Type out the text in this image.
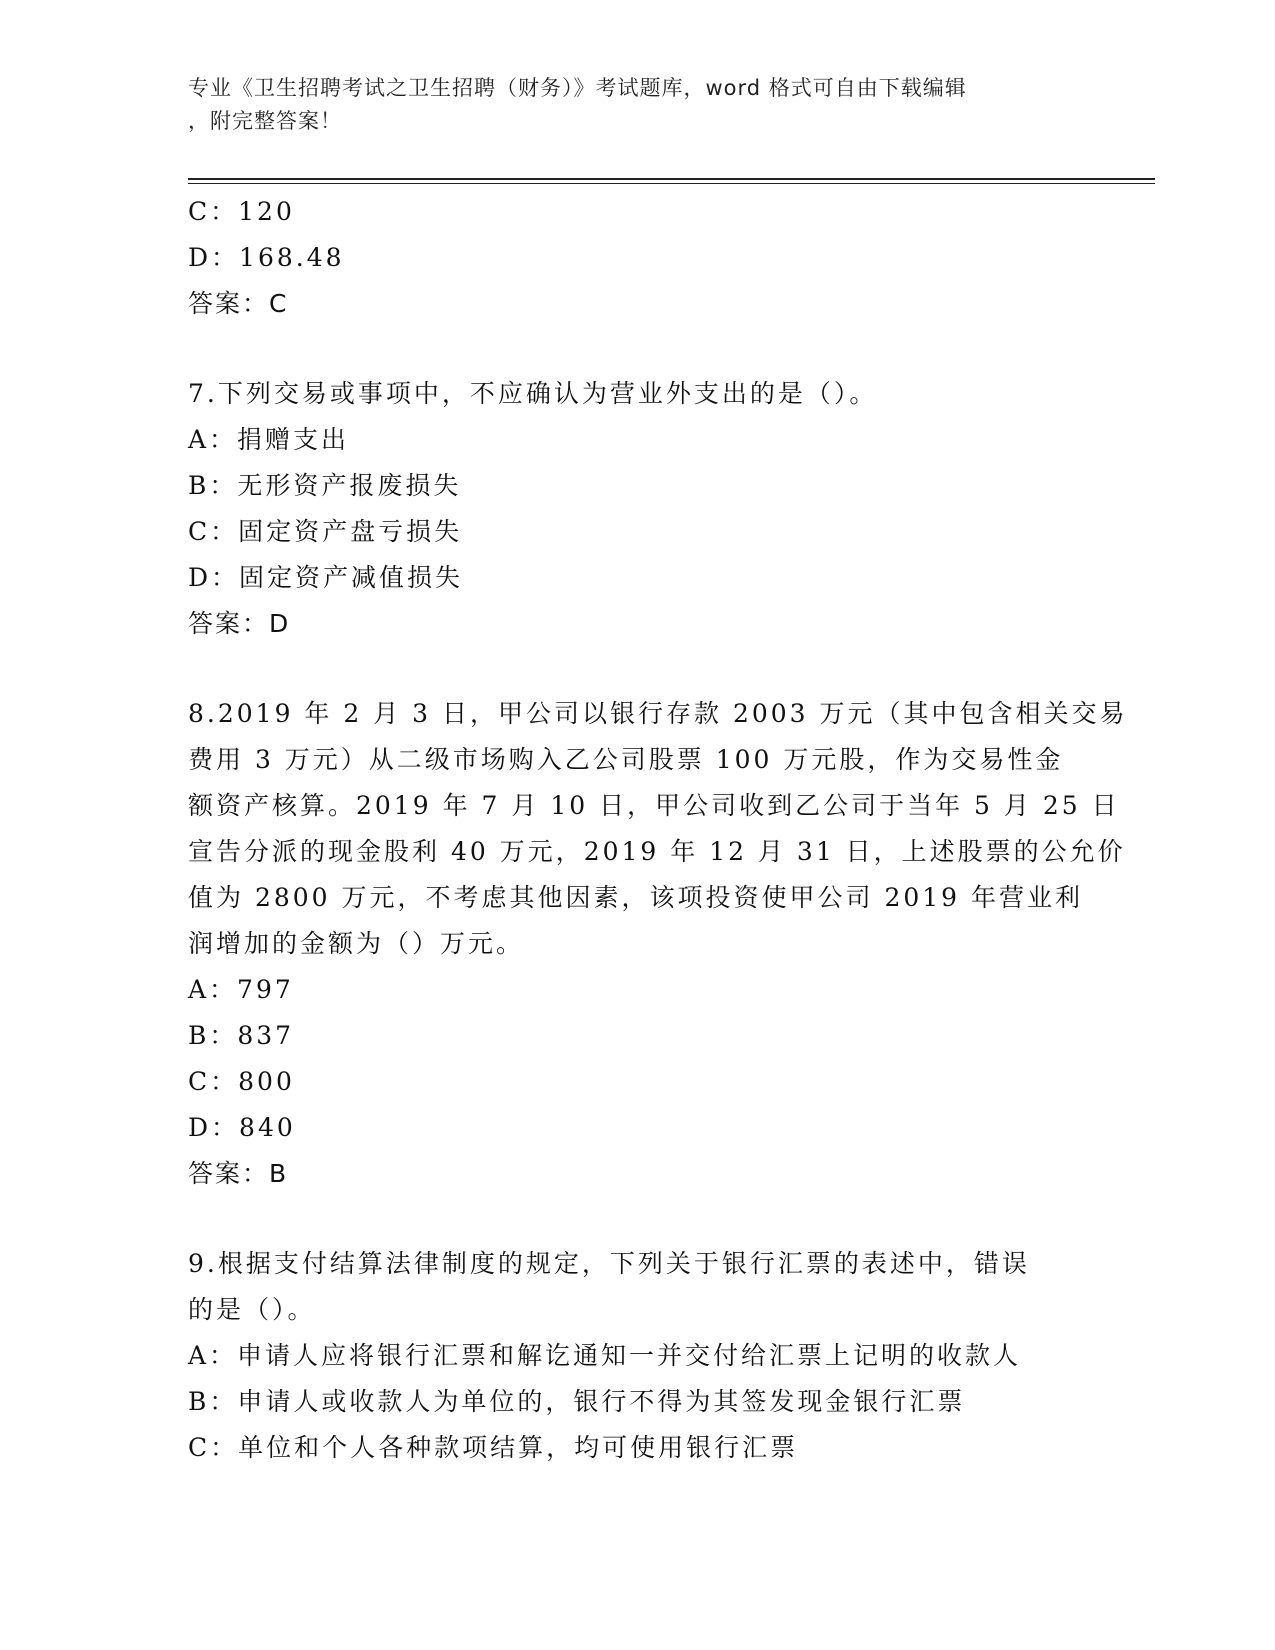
专业《卫生招聘考试之卫生招聘（财务）》考试题库，word 格式可自由下载编辑
，附完整答案！
C：120
D：168.48
答案：C
7.下列交易或事项中，不应确认为营业外支出的是（）。
A：捐赠支出
B：无形资产报废损失
C：固定资产盘亏损失
D：固定资产减值损失
答案：D
8.2019 年 2 月 3 日，甲公司以银行存款 2003 万元（其中包含相关交易
费用 3 万元）从二级市场购入乙公司股票 100 万元股，作为交易性金
额资产核算。2019 年 7 月 10 日，甲公司收到乙公司于当年 5 月 25 日
宣告分派的现金股利 40 万元，2019 年 12 月 31 日，上述股票的公允价
值为 2800 万元，不考虑其他因素，该项投资使甲公司 2019 年营业利
润增加的金额为（）万元。
A：797
B：837
C：800
D：840
答案：B
9.根据支付结算法律制度的规定，下列关于银行汇票的表述中，错误
的是（）。
A：申请人应将银行汇票和解讫通知一并交付给汇票上记明的收款人
B：申请人或收款人为单位的，银行不得为其签发现金银行汇票
C：单位和个人各种款项结算，均可使用银行汇票
